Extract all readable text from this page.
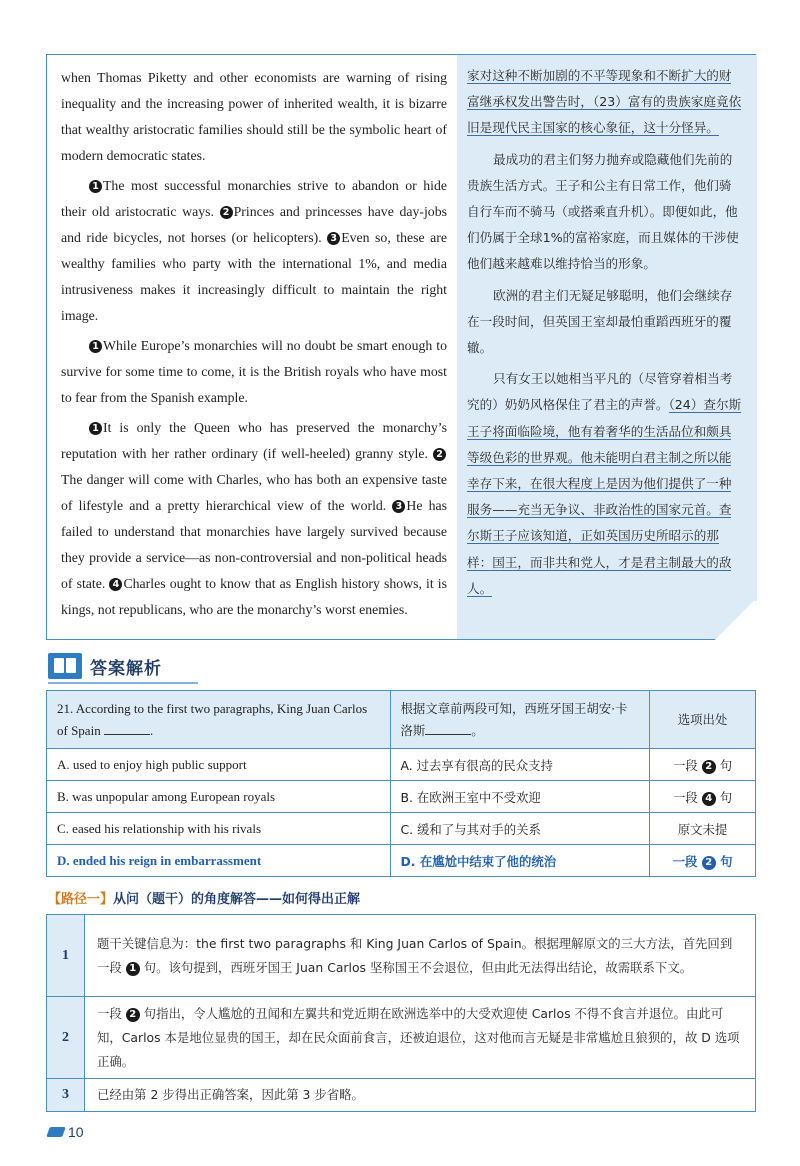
when Thomas Piketty and other economists are warning of rising inequality and the increasing power of inherited wealth, it is bizarre that wealthy aristocratic families should still be the symbolic heart of modern democratic states.

1 The most successful monarchies strive to abandon or hide their old aristocratic ways. 2 Princes and princesses have day-jobs and ride bicycles, not horses (or helicopters). 3 Even so, these are wealthy families who party with the international 1%, and media intrusiveness makes it increasingly difficult to maintain the right image.

1 While Europe’s monarchies will no doubt be smart enough to survive for some time to come, it is the British royals who have most to fear from the Spanish example.

1 It is only the Queen who has preserved the monarchy’s reputation with her rather ordinary (if well-heeled) granny style. 2The danger will come with Charles, who has both an expensive taste of lifestyle and a pretty hierarchical view of the world. 3 He has failed to understand that monarchies have largely survived because they provide a service—as non-controversial and non-political heads of state. 4 Charles ought to know that as English history shows, it is kings, not republicans, who are the monarchy’s worst enemies.

家对这种不断加剧的不平等现象和不断扩大的财富继承权发出警告时，（23）富有的贵族家庭竟依旧是现代民主国家的核心象征，这十分怪异。

最成功的君主们努力抛弃或隐藏他们先前的贵族生活方式。王子和公主有日常工作，他们骑自行车而不骑马（或搭乘直升机）。即便如此，他们仍属于全球1%的富裕家庭，而且媒体的干涉使他们越来越难以维持恰当的形象。

欧洲的君主们无疑足够聪明，他们会继续存在一段时间，但英国王室却最怕重蹈西班牙的覆辙。

只有女王以她相当平凡的（尽管穿着相当考究的）奶奶风格保住了君主的声誉。（24）查尔斯王子将面临险境，他有着奢华的生活品位和颇具等级色彩的世界观。他未能明白君主制之所以能幸存下来，在很大程度上是因为他们提供了一种服务——充当无争议、非政治性的国家元首。查尔斯王子应该知道，正如英国历史所昭示的那样：国王，而非共和党人，才是君主制最大的敌人。

答案解析
21. According to the first two paragraphs, King Juan Carlos of Spain .	根据文章前两段可知，西班牙国王胡安·卡洛斯 。	选项出处
A. used to enjoy high public support	A. 过去享有很高的民众支持	一段 2 句
B. was unpopular among European royals	B. 在欧洲王室中不受欢迎	一段 4 句
C. eased his relationship with his rivals	C. 缓和了与其对手的关系	原文未提
D. ended his reign in embarrassment	D. 在尴尬中结束了他的统治	一段 2 句
【路径一】从问（题干）的角度解答——如何得出正解
1	题干关键信息为：the first two paragraphs 和 King Juan Carlos of Spain。根据理解原文的三大方法，首先回到一段 1 句。该句提到，西班牙国王 Juan Carlos 坚称国王不会退位，但由此无法得出结论，故需联系下文。
2	一段 2 句指出，令人尴尬的丑闻和左翼共和党近期在欧洲选举中的大受欢迎使 Carlos 不得不食言并退位。由此可知，Carlos 本是地位显贵的国王，却在民众面前食言，还被迫退位，这对他而言无疑是非常尴尬且狼狈的，故 D 选项正确。
3	已经由第 2 步得出正确答案，因此第 3 步省略。
10
